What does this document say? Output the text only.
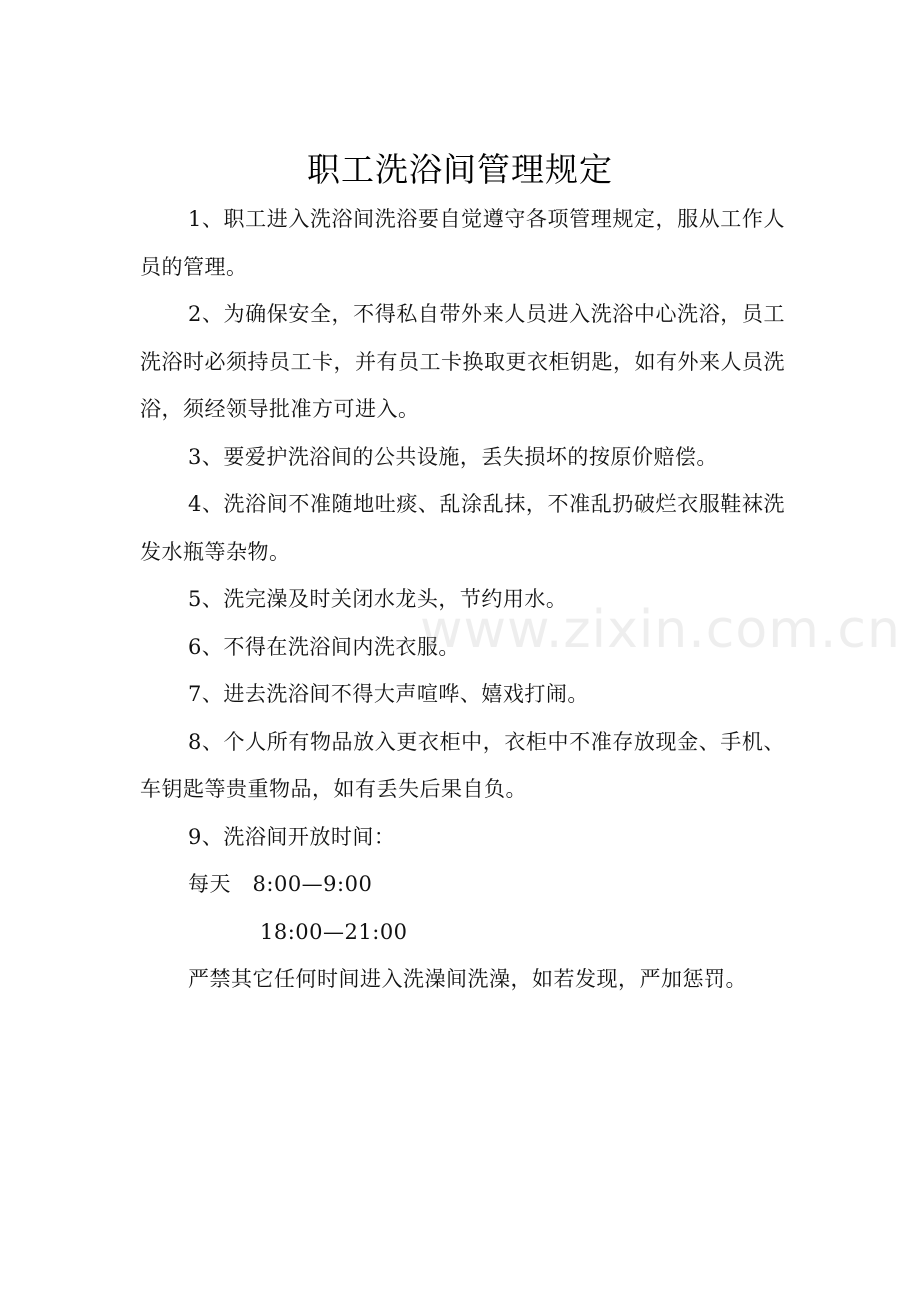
职工洗浴间管理规定

1、职工进入洗浴间洗浴要自觉遵守各项管理规定，服从工作人员的管理。

2、为确保安全，不得私自带外来人员进入洗浴中心洗浴，员工洗浴时必须持员工卡，并有员工卡换取更衣柜钥匙，如有外来人员洗浴，须经领导批准方可进入。

3、要爱护洗浴间的公共设施，丢失损坏的按原价赔偿。

4、洗浴间不准随地吐痰、乱涂乱抹，不准乱扔破烂衣服鞋袜洗发水瓶等杂物。

5、洗完澡及时关闭水龙头，节约用水。

6、不得在洗浴间内洗衣服。

7、进去洗浴间不得大声喧哗、嬉戏打闹。

8、个人所有物品放入更衣柜中，衣柜中不准存放现金、手机、车钥匙等贵重物品，如有丢失后果自负。

9、洗浴间开放时间：

每天   8:00—9:00

18:00—21:00

严禁其它任何时间进入洗澡间洗澡，如若发现，严加惩罚。

www.zixin.com.cn
